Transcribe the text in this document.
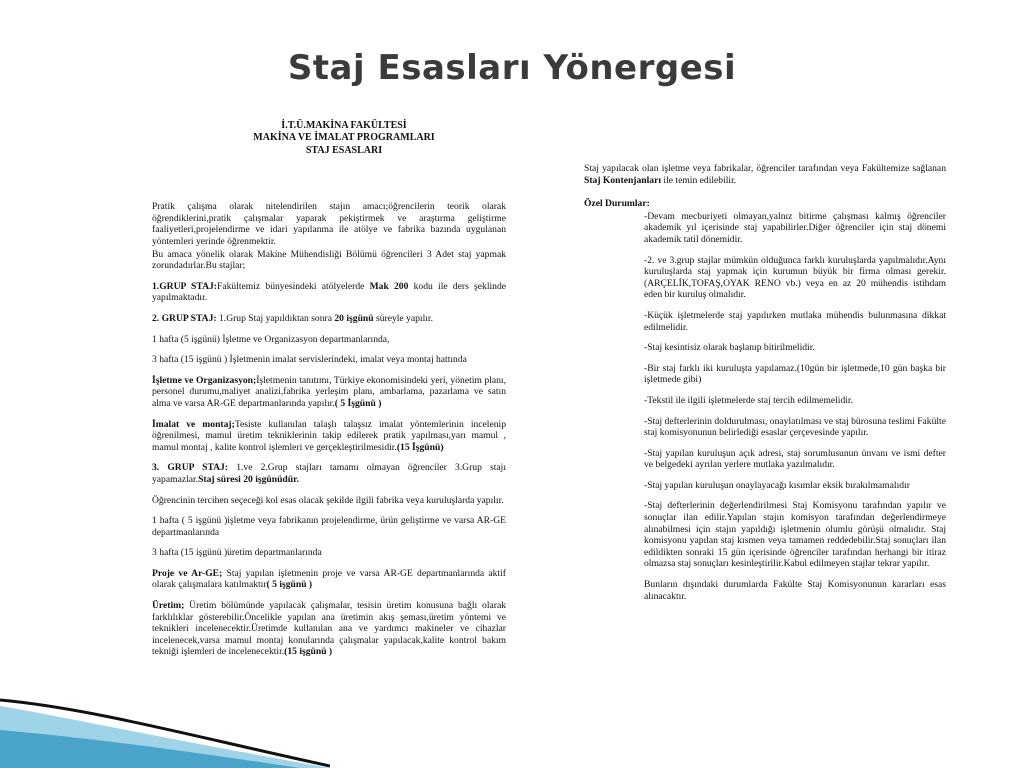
Staj Esasları Yönergesi
İ.T.Ü.MAKİNA FAKÜLTESİ
MAKİNA VE İMALAT PROGRAMLARI
STAJ ESASLARI
Pratik çalışma olarak nitelendirilen stajın amacı;öğrencilerin teorik olarak öğrendiklerini,pratik çalışmalar yaparak pekiştirmek ve araştırma geliştirme faaliyetleri,projelendirme ve idari yapılanma ile atölye ve fabrika bazında uygulanan yöntemleri yerinde öğrenmektir.
Bu amaca yönelik olarak Makine Mühendisliği Bölümü öğrencileri 3 Adet staj yapmak zorundadırlar.Bu stajlar;
1.GRUP STAJ:Fakültemiz bünyesindeki atölyelerde Mak 200 kodu ile ders şeklinde yapılmaktadır.
2. GRUP STAJ: 1.Grup Staj yapıldıktan sonra 20 işgünü süreyle yapılır.
1 hafta (5 işgünü) İşletme ve Organizasyon departmanlarında,
3 hafta (15 işgünü ) İşletmenin imalat servislerindeki, imalat veya montaj hattında
İşletme ve Organizasyon;İşletmenin tanıtımı, Türkiye ekonomisindeki yeri, yönetim planı, personel durumu,maliyet analizi,fabrika yerleşim planı, ambarlama, pazarlama ve satın alma ve varsa AR-GE departmanlarında yapılır.( 5 İşgünü )
İmalat ve montaj;Tesiste kullanılan talaşlı talaşsız imalat yöntemlerinin incelenip öğrenilmesi, mamul üretim tekniklerinin takip edilerek pratik yapılması,yarı mamul , mamul montaj , kalite kontrol işlemleri ve gerçekleştirilmesidir.(15 İşgünü)
3. GRUP STAJ: 1.ve 2.Grup stajları tamamı olmayan öğrenciler 3.Grup stajı yapamazlar.Staj süresi 20 işgünüdür.
Öğrencinin tercihen seçeceği kol esas olacak şekilde ilgili fabrika veya kuruluşlarda yapılır.
1 hafta ( 5 işgünü )işletme veya fabrikanın projelendirme, ürün geliştirme ve varsa AR-GE departmanlarında
3 hafta (15 işgünü )üretim departmanlarında
Proje ve Ar-GE; Staj yapılan işletmenin proje ve varsa AR-GE departmanlarında aktif olarak çalışmalara katılmaktır( 5 işgünü )
Üretim; Üretim bölümünde yapılacak çalışmalar, tesisin üretim konusuna bağlı olarak farklılıklar gösterebilir.Öncelikle yapılan ana üretimin akış şeması,üretim yöntemi ve teknikleri incelenecektir.Üretimde kullanılan ana ve yardımcı makineler ve cihazlar incelenecek,varsa mamul montaj konularında çalışmalar yapılacak,kalite kontrol bakım tekniği işlemleri de incelenecektir.(15 işgünü )
Staj yapılacak olan işletme veya fabrikalar, öğrenciler tarafından veya Fakültemize sağlanan Staj Kontenjanları ile temin edilebilir.
Özel Durumlar:
-Devam mecburiyeti olmayan,yalnız bitirme çalışması kalmış öğrenciler akademik yıl içerisinde staj yapabilirler.Diğer öğrenciler için staj dönemi akademik tatil dönemidir.
-2. ve 3.grup stajlar mümkün olduğunca farklı kuruluşlarda yapılmalıdır.Aynı kuruluşlarda staj yapmak için kurumun büyük bir firma olması gerekir.(ARÇELİK,TOFAŞ,OYAK RENO vb.) veya en az 20 mühendis istihdam eden bir kuruluş olmalıdır.
-Küçük işletmelerde staj yapılırken mutlaka mühendis bulunmasına dikkat edilmelidir.
-Staj kesintisiz olarak başlanıp bitirilmelidir.
-Bir staj farklı iki kuruluşta yapılamaz.(10gün bir işletmede,10 gün başka bir işletmede gibi)
-Tekstil ile ilgili işletmelerde staj tercih edilmemelidir.
-Staj defterlerinin doldurulması, onaylatılması ve staj bürosuna teslimi Fakülte staj komisyonunun belirlediği esaslar çerçevesinde yapılır.
-Staj yapılan kuruluşun açık adresi, staj sorumlusunun ünvanı ve ismi defter ve belgedeki ayrılan yerlere mutlaka yazılmalıdır.
-Staj yapılan kuruluşun onaylayacağı kısımlar eksik bırakılmamalıdır
-Staj defterlerinin değerlendirilmesi Staj Komisyonu tarafından yapılır ve sonuçlar ilan edilir.Yapılan stajın komisyon tarafından değerlendirmeye alınabilmesi için stajın yapıldığı işletmenin olumlu görüşü olmalıdır. Staj komisyonu yapılan staj kısmen veya tamamen reddedebilir.Staj sonuçları ilan edildikten sonraki 15 gün içerisinde öğrenciler tarafından herhangi bir itiraz olmazsa staj sonuçları kesinleştirilir.Kabul edilmeyen stajlar tekrar yapılır.
Bunların dışındaki durumlarda Fakülte Staj Komisyonunun kararları esas alınacaktır.
